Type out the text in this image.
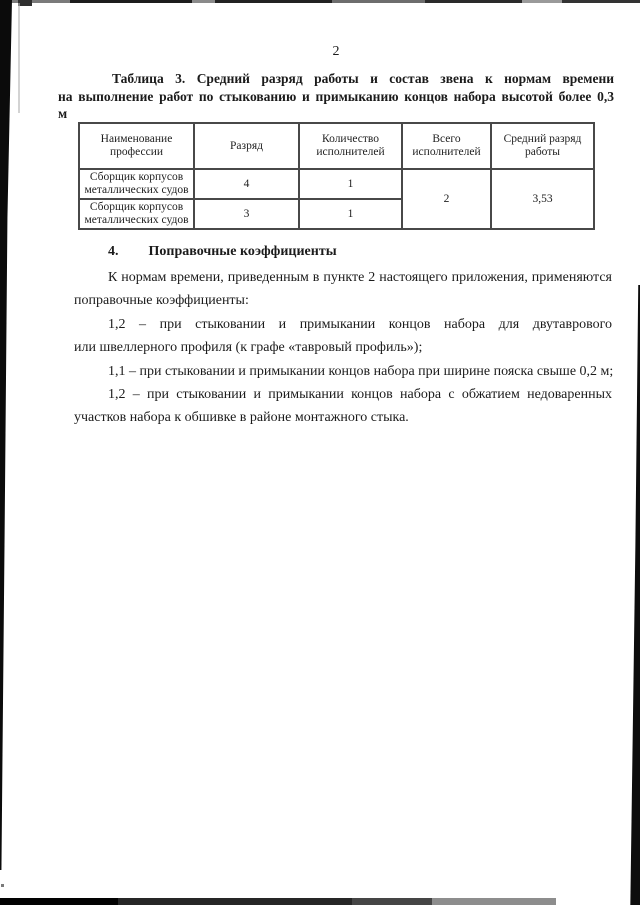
2
Таблица 3. Средний разряд работы и состав звена к нормам времени
на выполнение работ по стыкованию и примыканию концов набора высотой более 0,3
м
Наименование профессии	Разряд	Количество исполнителей	Всего исполнителей	Средний разряд работы
Сборщик корпусов металлических судов	4	1	2	3,53
Сборщик корпусов металлических судов	3	1		
4. Поправочные коэффициенты
К нормам времени, приведенным в пункте 2 настоящего приложения, применяются
поправочные коэффициенты:
1,2 – при стыковании и примыкании концов набора для двутаврового
или швеллерного профиля (к графе «тавровый профиль»);
1,1 – при стыковании и примыкании концов набора при ширине пояска свыше 0,2 м;
1,2 – при стыковании и примыкании концов набора с обжатием недоваренных
участков набора к обшивке в районе монтажного стыка.
